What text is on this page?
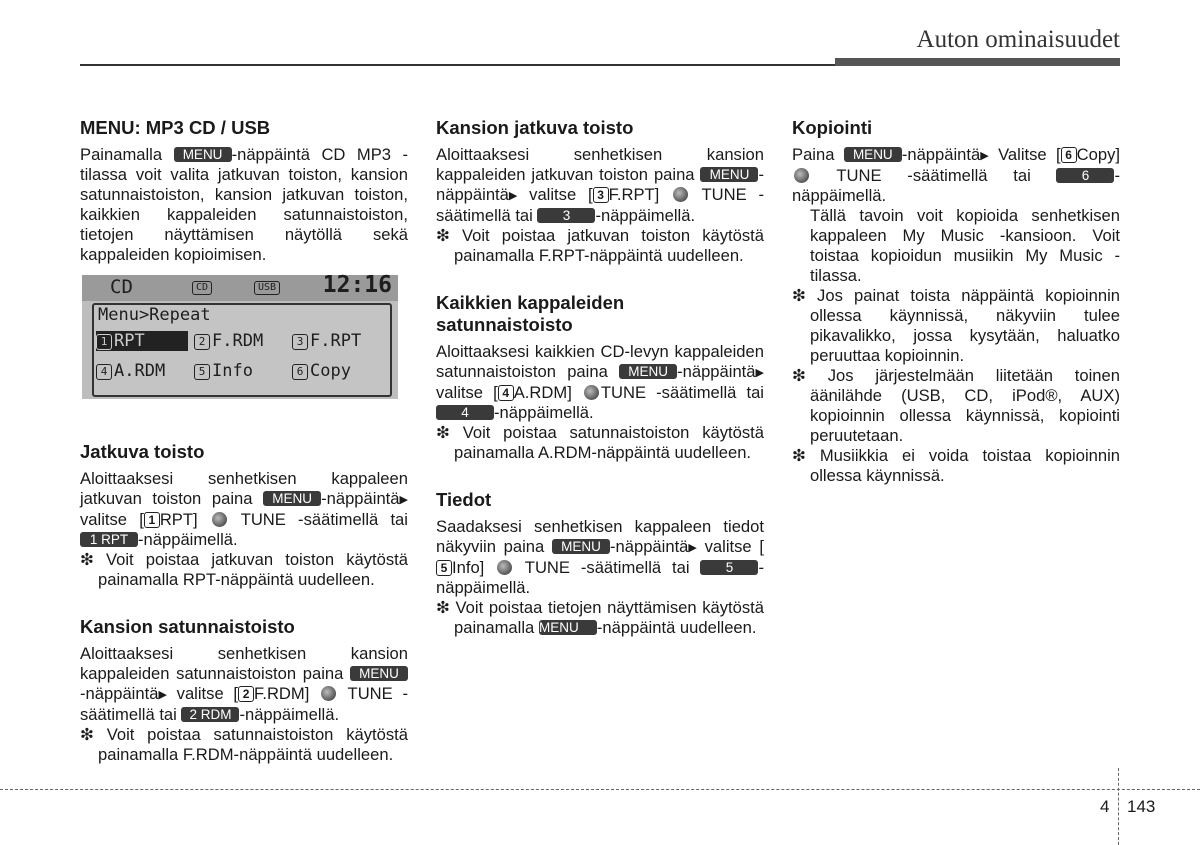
Auton ominaisuudet
MENU: MP3 CD / USB

Painamalla MENU -näppäintä CD MP3 -tilassa voit valita jatkuvan toiston, kansion satunnaistoiston, kansion jatkuvan toiston, kaikkien kappaleiden satunnaistoiston, tietojen näyttämisen näytöllä sekä kappaleiden kopioimisen.

CD	CD	USB 12:16
Menu>Repeat
1 RPT	2 F.RDM	3 F.RPT
4 A.RDM	5 Info	6 Copy
Jatkuva toisto

Aloittaaksesi senhetkisen kappaleen jatkuvan toiston paina MENU -näppäintä▶ valitse [ 1 RPT]  TUNE -säätimellä tai 1 RPT -näppäimellä.

❇ Voit poistaa jatkuvan toiston käytöstä painamalla RPT-näppäintä uudelleen.

Kansion satunnaistoisto

Aloittaaksesi senhetkisen kansion kappaleiden satunnaistoiston paina MENU -näppäintä▶ valitse [ 2 F.RDM]  TUNE -säätimellä tai 2 RDM -näppäimellä.

❇ Voit poistaa satunnaistoiston käytöstä painamalla F.RDM-näppäintä uudelleen.

Kansion jatkuva toisto

Aloittaaksesi senhetkisen kansion kappaleiden jatkuvan toiston paina MENU -näppäintä▶ valitse [ 3 F.RPT]  TUNE -säätimellä tai 3 -näppäimellä.

❇ Voit poistaa jatkuvan toiston käytöstä painamalla F.RPT-näppäintä uudelleen.

Kaikkien kappaleiden satunnaistoisto

Aloittaaksesi kaikkien CD-levyn kappaleiden satunnaistoiston paina MENU -näppäintä▶ valitse [ 4 A.RDM] TUNE -säätimellä tai 4 -näppäimellä.

❇ Voit poistaa satunnaistoiston käytöstä painamalla A.RDM-näppäintä uudelleen.

Tiedot

Saadaksesi senhetkisen kappaleen tiedot näkyviin paina MENU -näppäintä▶ valitse [5 Info]  TUNE -säätimellä tai	5 -näppäimellä.

❇ Voit poistaa tietojen näyttämisen käytöstä painamalla MENU -näppäintä uudelleen.

Kopiointi

Paina MENU -näppäintä▶ Valitse [ 6 Copy]  TUNE -säätimellä tai 6 -näppäimellä.

Tällä tavoin voit kopioida senhetkisen kappaleen My Music -kansioon. Voit toistaa kopioidun musiikin My Music -tilassa.

❇ Jos painat toista näppäintä kopioinnin ollessa käynnissä, näkyviin tulee pikavalikko, jossa kysytään, haluatko peruuttaa kopioinnin.

❇ Jos järjestelmään liitetään toinen äänilähde (USB, CD, iPod®, AUX) kopioinnin ollessa käynnissä, kopiointi peruutetaan.

❇ Musiikkia ei voida toistaa kopioinnin ollessa käynnissä.

4 143
